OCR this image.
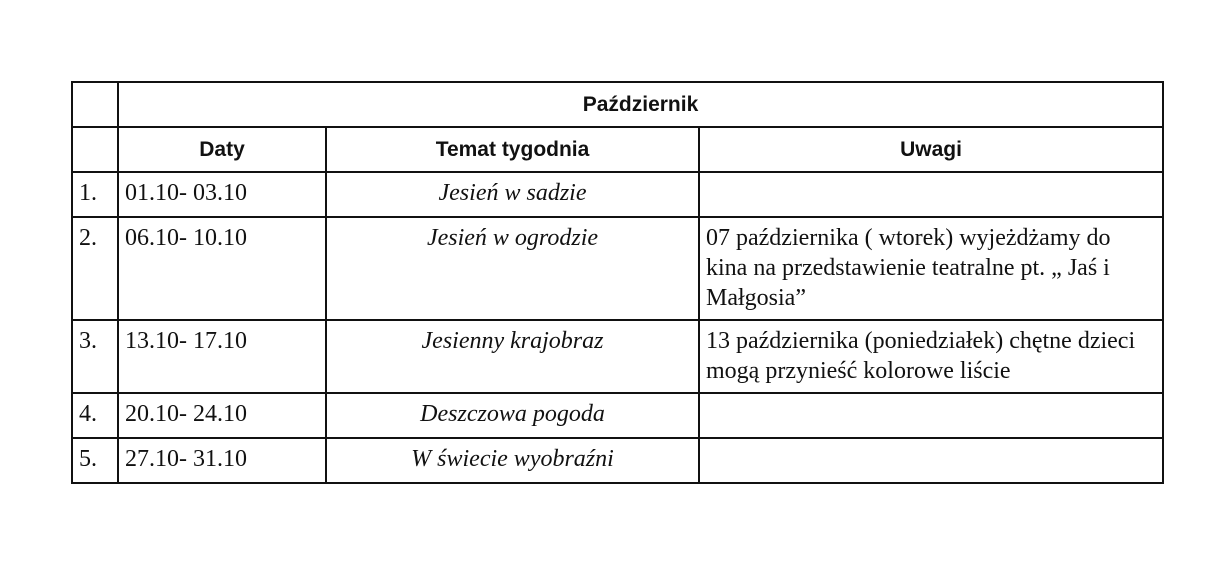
	Październik		
	Daty	Temat tygodnia	Uwagi
1.	01.10- 03.10	Jesień w sadzie	
2.	06.10- 10.10	Jesień w ogrodzie	07 października ( wtorek) wyjeżdżamy do kina na przedstawienie teatralne pt. „ Jaś i Małgosia”
3.	13.10- 17.10	Jesienny krajobraz	13 października (poniedziałek) chętne dzieci mogą przynieść kolorowe liście
4.	20.10- 24.10	Deszczowa pogoda	
5.	27.10- 31.10	W świecie wyobraźni	
